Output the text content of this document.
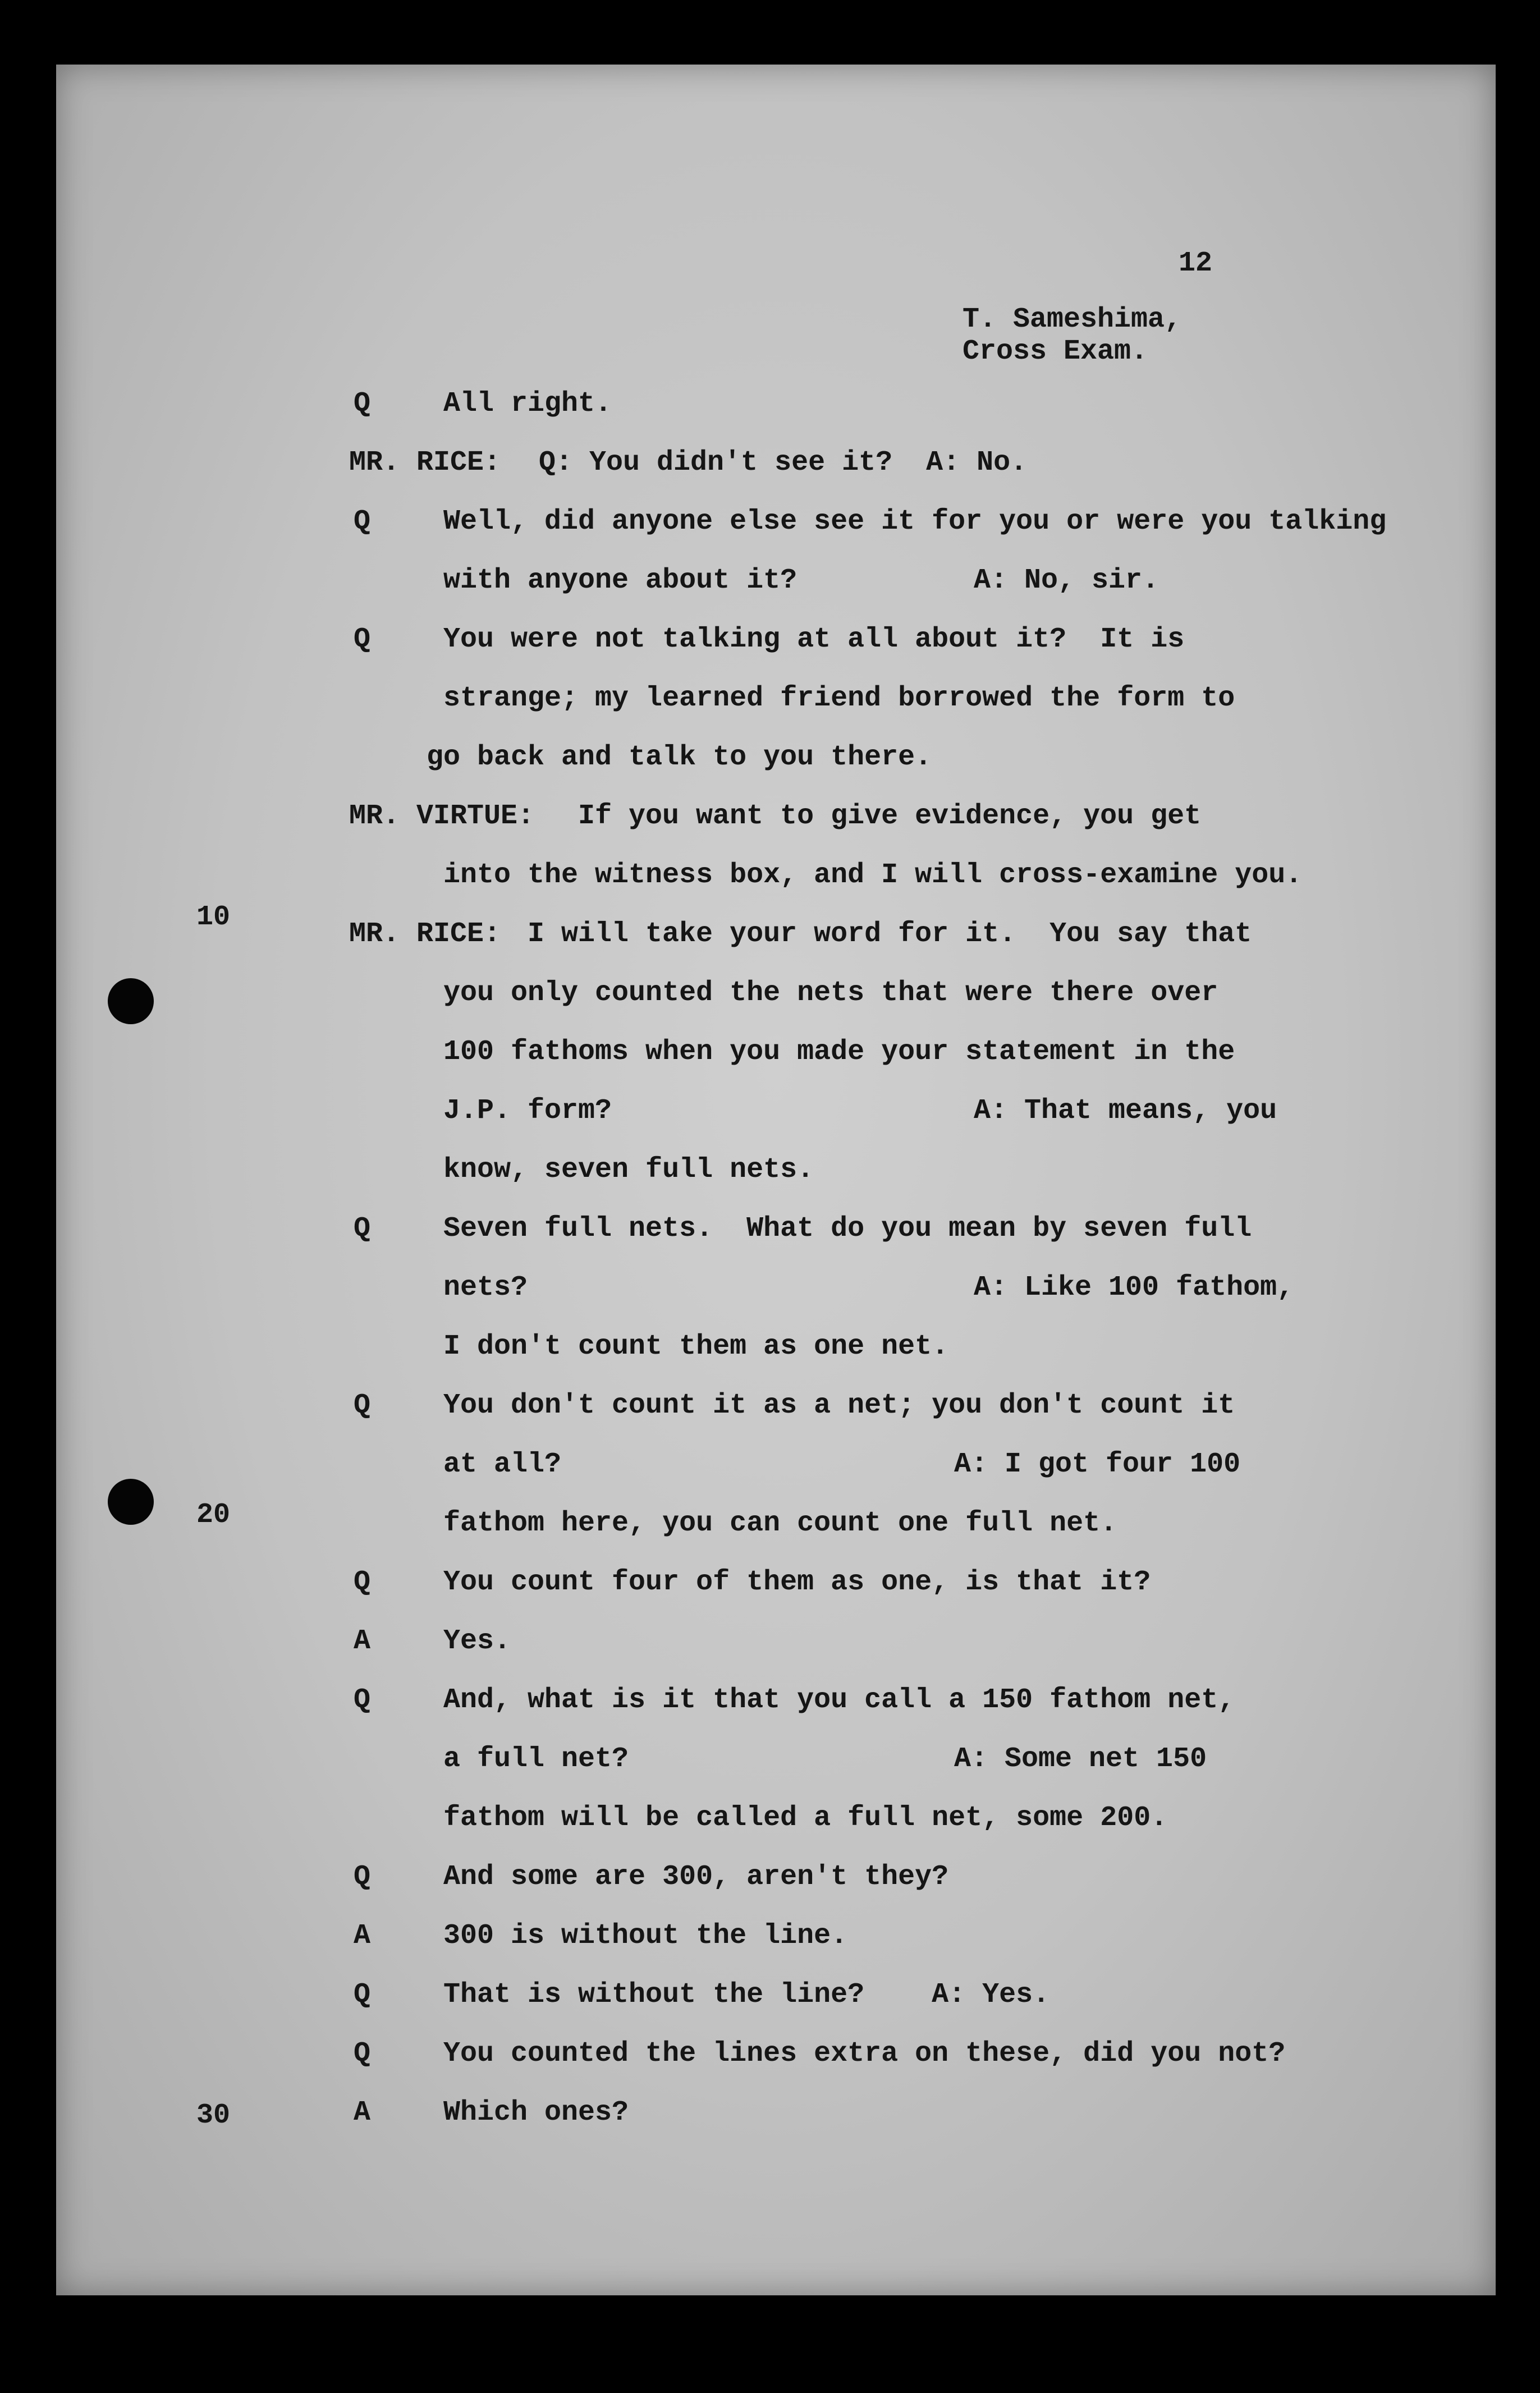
12
T. Sameshima,
Cross Exam.
10
20
30
Q	All right.
MR. RICE: Q: You didn't see it?  A: No.
Q	Well, did anyone else see it for you or were you talking
with anyone about it?	A: No, sir.
Q	You were not talking at all about it?  It is
strange; my learned friend borrowed the form to
go back and talk to you there.
MR. VIRTUE: If you want to give evidence, you get
into the witness box, and I will cross-examine you.
MR. RICE: I will take your word for it.  You say that
you only counted the nets that were there over
100 fathoms when you made your statement in the
J.P. form?	A: That means, you
know, seven full nets.
Q	Seven full nets.  What do you mean by seven full
nets?	A: Like 100 fathom,
I don't count them as one net.
Q	You don't count it as a net; you don't count it
at all?	A: I got four 100
fathom here, you can count one full net.
Q	You count four of them as one, is that it?
A	Yes.
Q	And, what is it that you call a 150 fathom net,
a full net?	A: Some net 150
fathom will be called a full net, some 200.
Q	And some are 300, aren't they?
A	300 is without the line.
Q	That is without the line?    A: Yes.
Q	You counted the lines extra on these, did you not?
A	Which ones?
